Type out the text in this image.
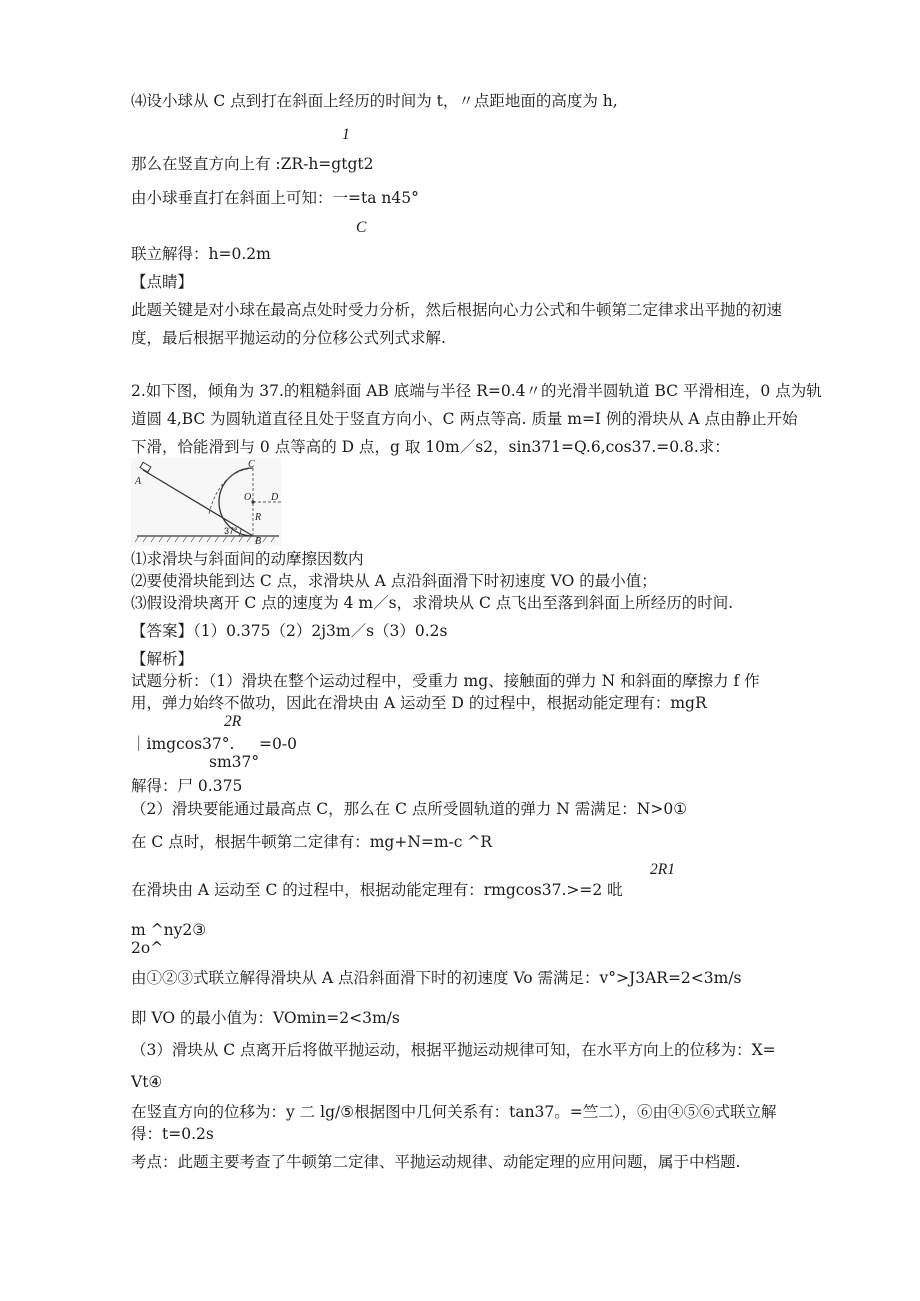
⑷设小球从 C 点到打在斜面上经历的时间为 t，〃点距地面的高度为 h,
1
那么在竖直方向上有 :ZR-h=gtgt2
由小球垂直打在斜面上可知：一=ta n45°
C
联立解得：h=0.2m
【点睛】
此题关键是对小球在最高点处时受力分析，然后根据向心力公式和牛顿第二定律求出平抛的初速
度，最后根据平抛运动的分位移公式列式求解.
2.如下图，倾角为 37.的粗糙斜面 AB 底端与半径 R=0.4〃的光滑半圆轨道 BC 平滑相连，0 点为轨
道圆 4,BC 为圆轨道直径且处于竖直方向小、C 两点等高. 质量 m=I 例的滑块从 A 点由静止开始
下滑，恰能滑到与 0 点等高的 D 点，g 取 10m／s2，sin371=Q.6,cos37.=0.8.求：
A
B
C
D
O
R
37°
⑴求滑块与斜面间的动摩擦因数内
⑵要使滑块能到达 C 点，求滑块从 A 点沿斜面滑下时初速度 VO 的最小值；
⑶假设滑块离开 C 点的速度为 4 m／s，求滑块从 C 点飞出至落到斜面上所经历的时间.
【答案】（1）0.375（2）2j3m／s（3）0.2s
【解析】
试题分析：（1）滑块在整个运动过程中，受重力 mg、接触面的弹力 N 和斜面的摩擦力 f 作
用，弹力始终不做功，因此在滑块由 A 运动至 D 的过程中，根据动能定理有：mgR
2R
｜imgcos37°. =0-0
sm37°
解得：尸 0.375
（2）滑块要能通过最高点 C，那么在 C 点所受圆轨道的弹力 N 需满足：N>0①
在 C 点时，根据牛顿第二定律有：mg+N=m-c ^R
2R1
在滑块由 A 运动至 C 的过程中，根据动能定理有：rmgcos37.>=2 吡
m ^ny2③
2o^
由①②③式联立解得滑块从 A 点沿斜面滑下时的初速度 Vo 需满足：v°>J3AR=2<3m/s
即 VO 的最小值为：VOmin=2<3m/s
（3）滑块从 C 点离开后将做平抛运动，根据平抛运动规律可知，在水平方向上的位移为：X=
Vt④
在竖直方向的位移为：y 二 lg/⑤根据图中几何关系有：tan37。=竺二），⑥由④⑤⑥式联立解
得：t=0.2s
考点：此题主要考查了牛顿第二定律、平抛运动规律、动能定理的应用问题，属于中档题.
